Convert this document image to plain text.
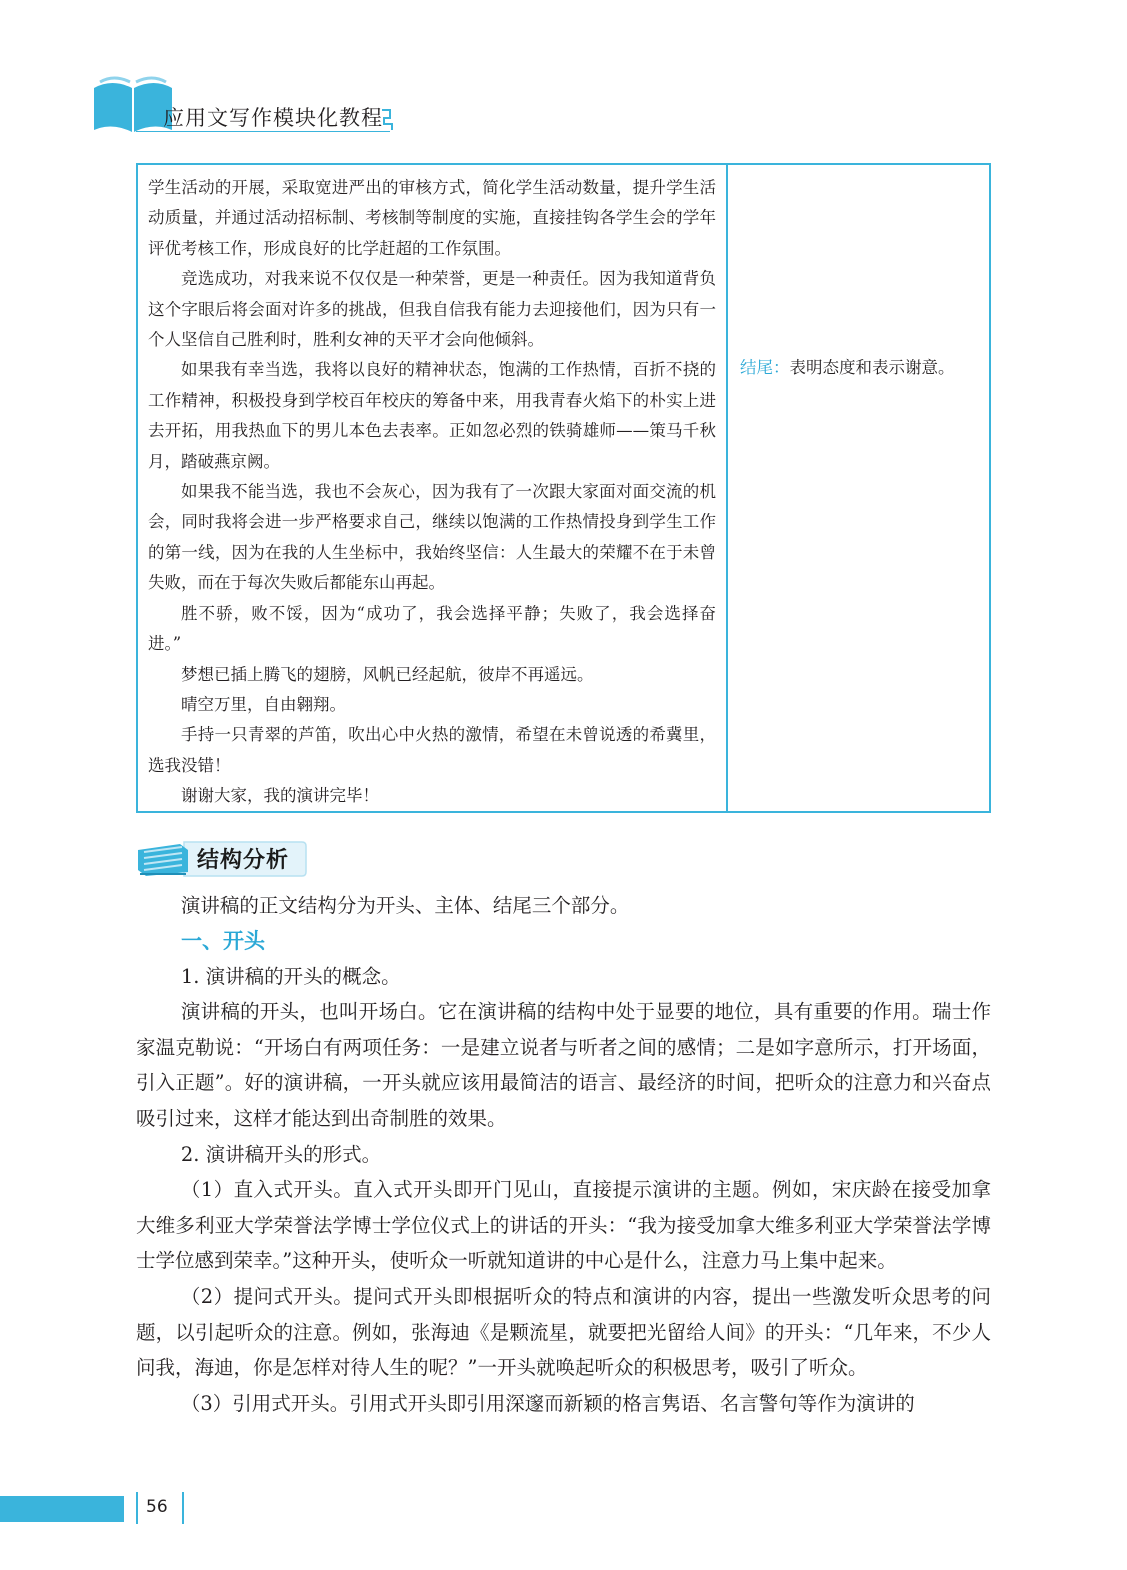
应用文写作模块化教程

学生活动的开展，采取宽进严出的审核方式，简化学生活动数量，提升学生活动质量，并通过活动招标制、考核制等制度的实施，直接挂钩各学生会的学年评优考核工作，形成良好的比学赶超的工作氛围。

竞选成功，对我来说不仅仅是一种荣誉，更是一种责任。因为我知道背负这个字眼后将会面对许多的挑战，但我自信我有能力去迎接他们，因为只有一个人坚信自己胜利时，胜利女神的天平才会向他倾斜。

如果我有幸当选，我将以良好的精神状态，饱满的工作热情，百折不挠的工作精神，积极投身到学校百年校庆的筹备中来，用我青春火焰下的朴实上进去开拓，用我热血下的男儿本色去表率。正如忽必烈的铁骑雄师——策马千秋月，踏破燕京阙。

如果我不能当选，我也不会灰心，因为我有了一次跟大家面对面交流的机会，同时我将会进一步严格要求自己，继续以饱满的工作热情投身到学生工作的第一线，因为在我的人生坐标中，我始终坚信：人生最大的荣耀不在于未曾失败，而在于每次失败后都能东山再起。

胜不骄，败不馁，因为“成功了，我会选择平静；失败了，我会选择奋进。”

梦想已插上腾飞的翅膀，风帆已经起航，彼岸不再遥远。

晴空万里，自由翱翔。

手持一只青翠的芦笛，吹出心中火热的激情，希望在未曾说透的希冀里，选我没错！

谢谢大家，我的演讲完毕！

结尾：表明态度和表示谢意。
结构分析

演讲稿的正文结构分为开头、主体、结尾三个部分。

一、开头

1. 演讲稿的开头的概念。

演讲稿的开头，也叫开场白。它在演讲稿的结构中处于显要的地位，具有重要的作用。瑞士作家温克勒说：“开场白有两项任务：一是建立说者与听者之间的感情；二是如字意所示，打开场面，引入正题”。好的演讲稿，一开头就应该用最简洁的语言、最经济的时间，把听众的注意力和兴奋点吸引过来，这样才能达到出奇制胜的效果。

2. 演讲稿开头的形式。

（1）直入式开头。直入式开头即开门见山，直接提示演讲的主题。例如，宋庆龄在接受加拿大维多利亚大学荣誉法学博士学位仪式上的讲话的开头：“我为接受加拿大维多利亚大学荣誉法学博士学位感到荣幸。”这种开头，使听众一听就知道讲的中心是什么，注意力马上集中起来。

（2）提问式开头。提问式开头即根据听众的特点和演讲的内容，提出一些激发听众思考的问题，以引起听众的注意。例如，张海迪《是颗流星，就要把光留给人间》的开头：“几年来，不少人问我，海迪，你是怎样对待人生的呢？”一开头就唤起听众的积极思考，吸引了听众。

（3）引用式开头。引用式开头即引用深邃而新颖的格言隽语、名言警句等作为演讲的

56
